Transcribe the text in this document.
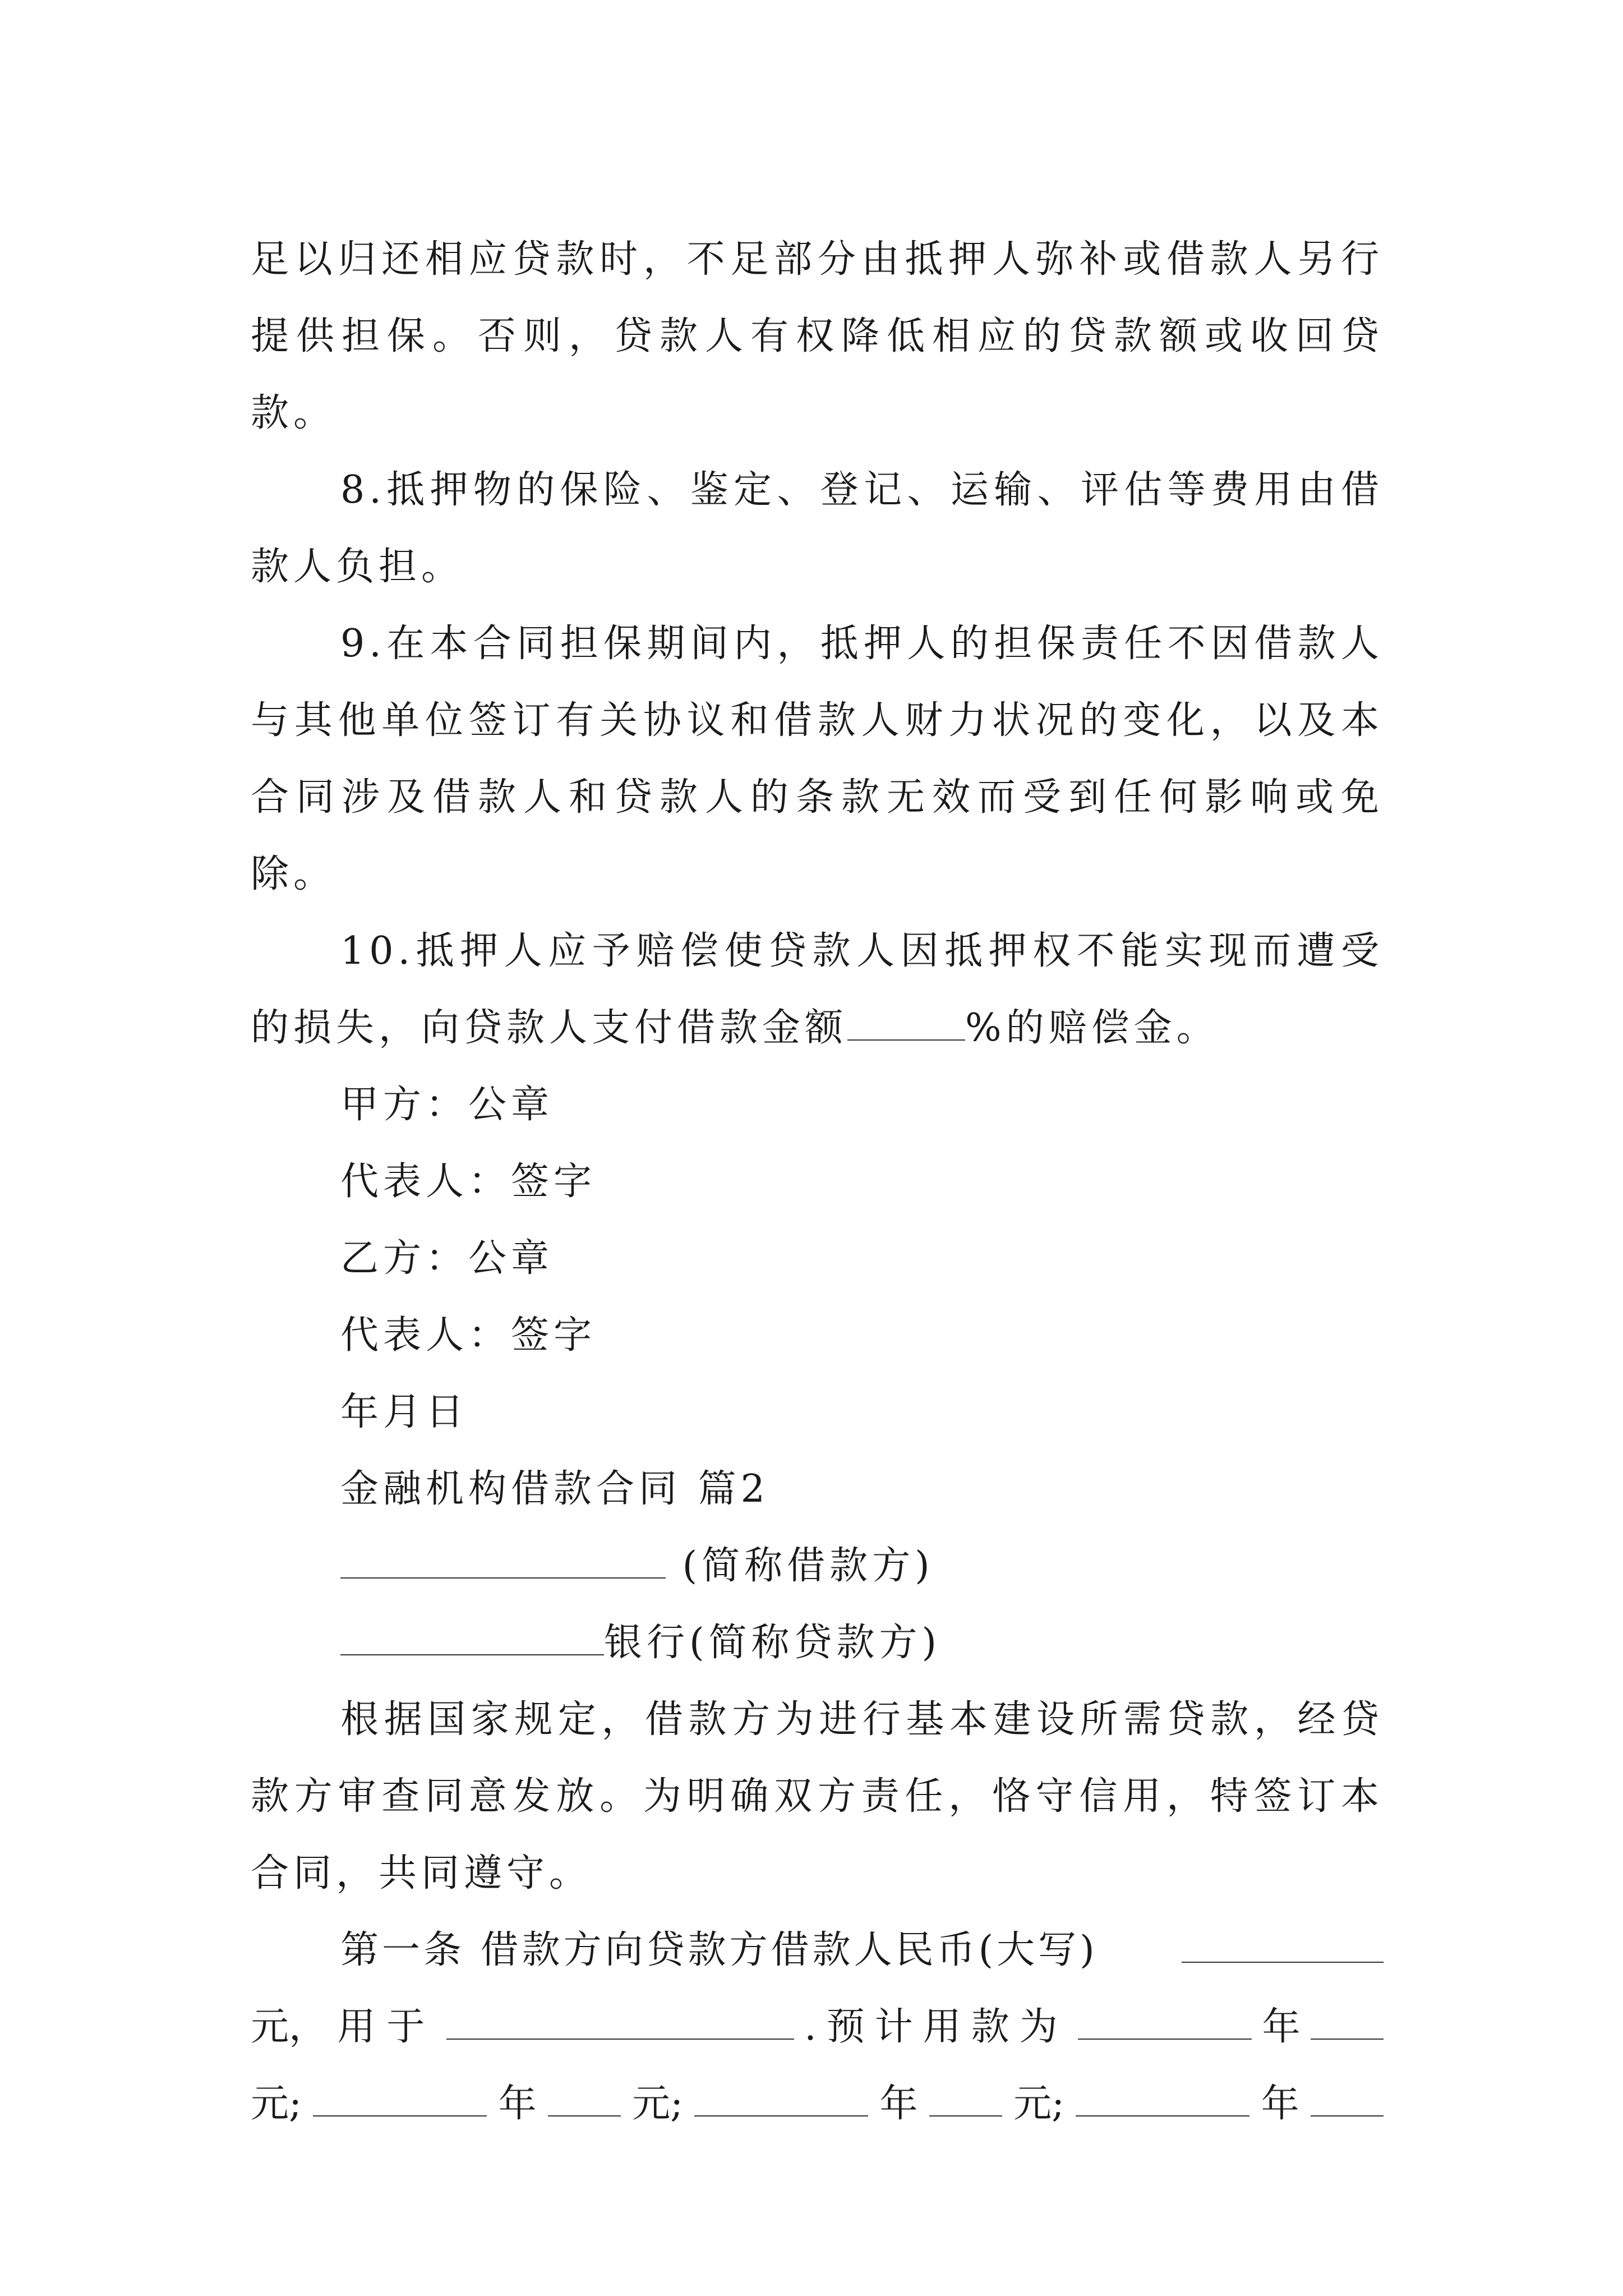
足以归还相应贷款时，不足部分由抵押人弥补或借款人另行提供担保。否则，贷款人有权降低相应的贷款额或收回贷款。

8.抵押物的保险、鉴定、登记、运输、评估等费用由借款人负担。

9.在本合同担保期间内，抵押人的担保责任不因借款人与其他单位签订有关协议和借款人财力状况的变化，以及本合同涉及借款人和贷款人的条款无效而受到任何影响或免除。

10.抵押人应予赔偿使贷款人因抵押权不能实现而遭受的损失，向贷款人支付借款金额	%的赔偿金。

甲方：公章

代表人：签字

乙方：公章

代表人：签字

年月日

金融机构借款合同 篇2

(简称借款方)

银行(简称贷款方)

根据国家规定，借款方为进行基本建设所需贷款，经贷款方审查同意发放。为明确双方责任，恪守信用，特签订本合同，共同遵守。

第一条 借款方向贷款方借款人民币(大写)
元， 用于	.预计用款为	年
元;	年	元;	年	元;	年
